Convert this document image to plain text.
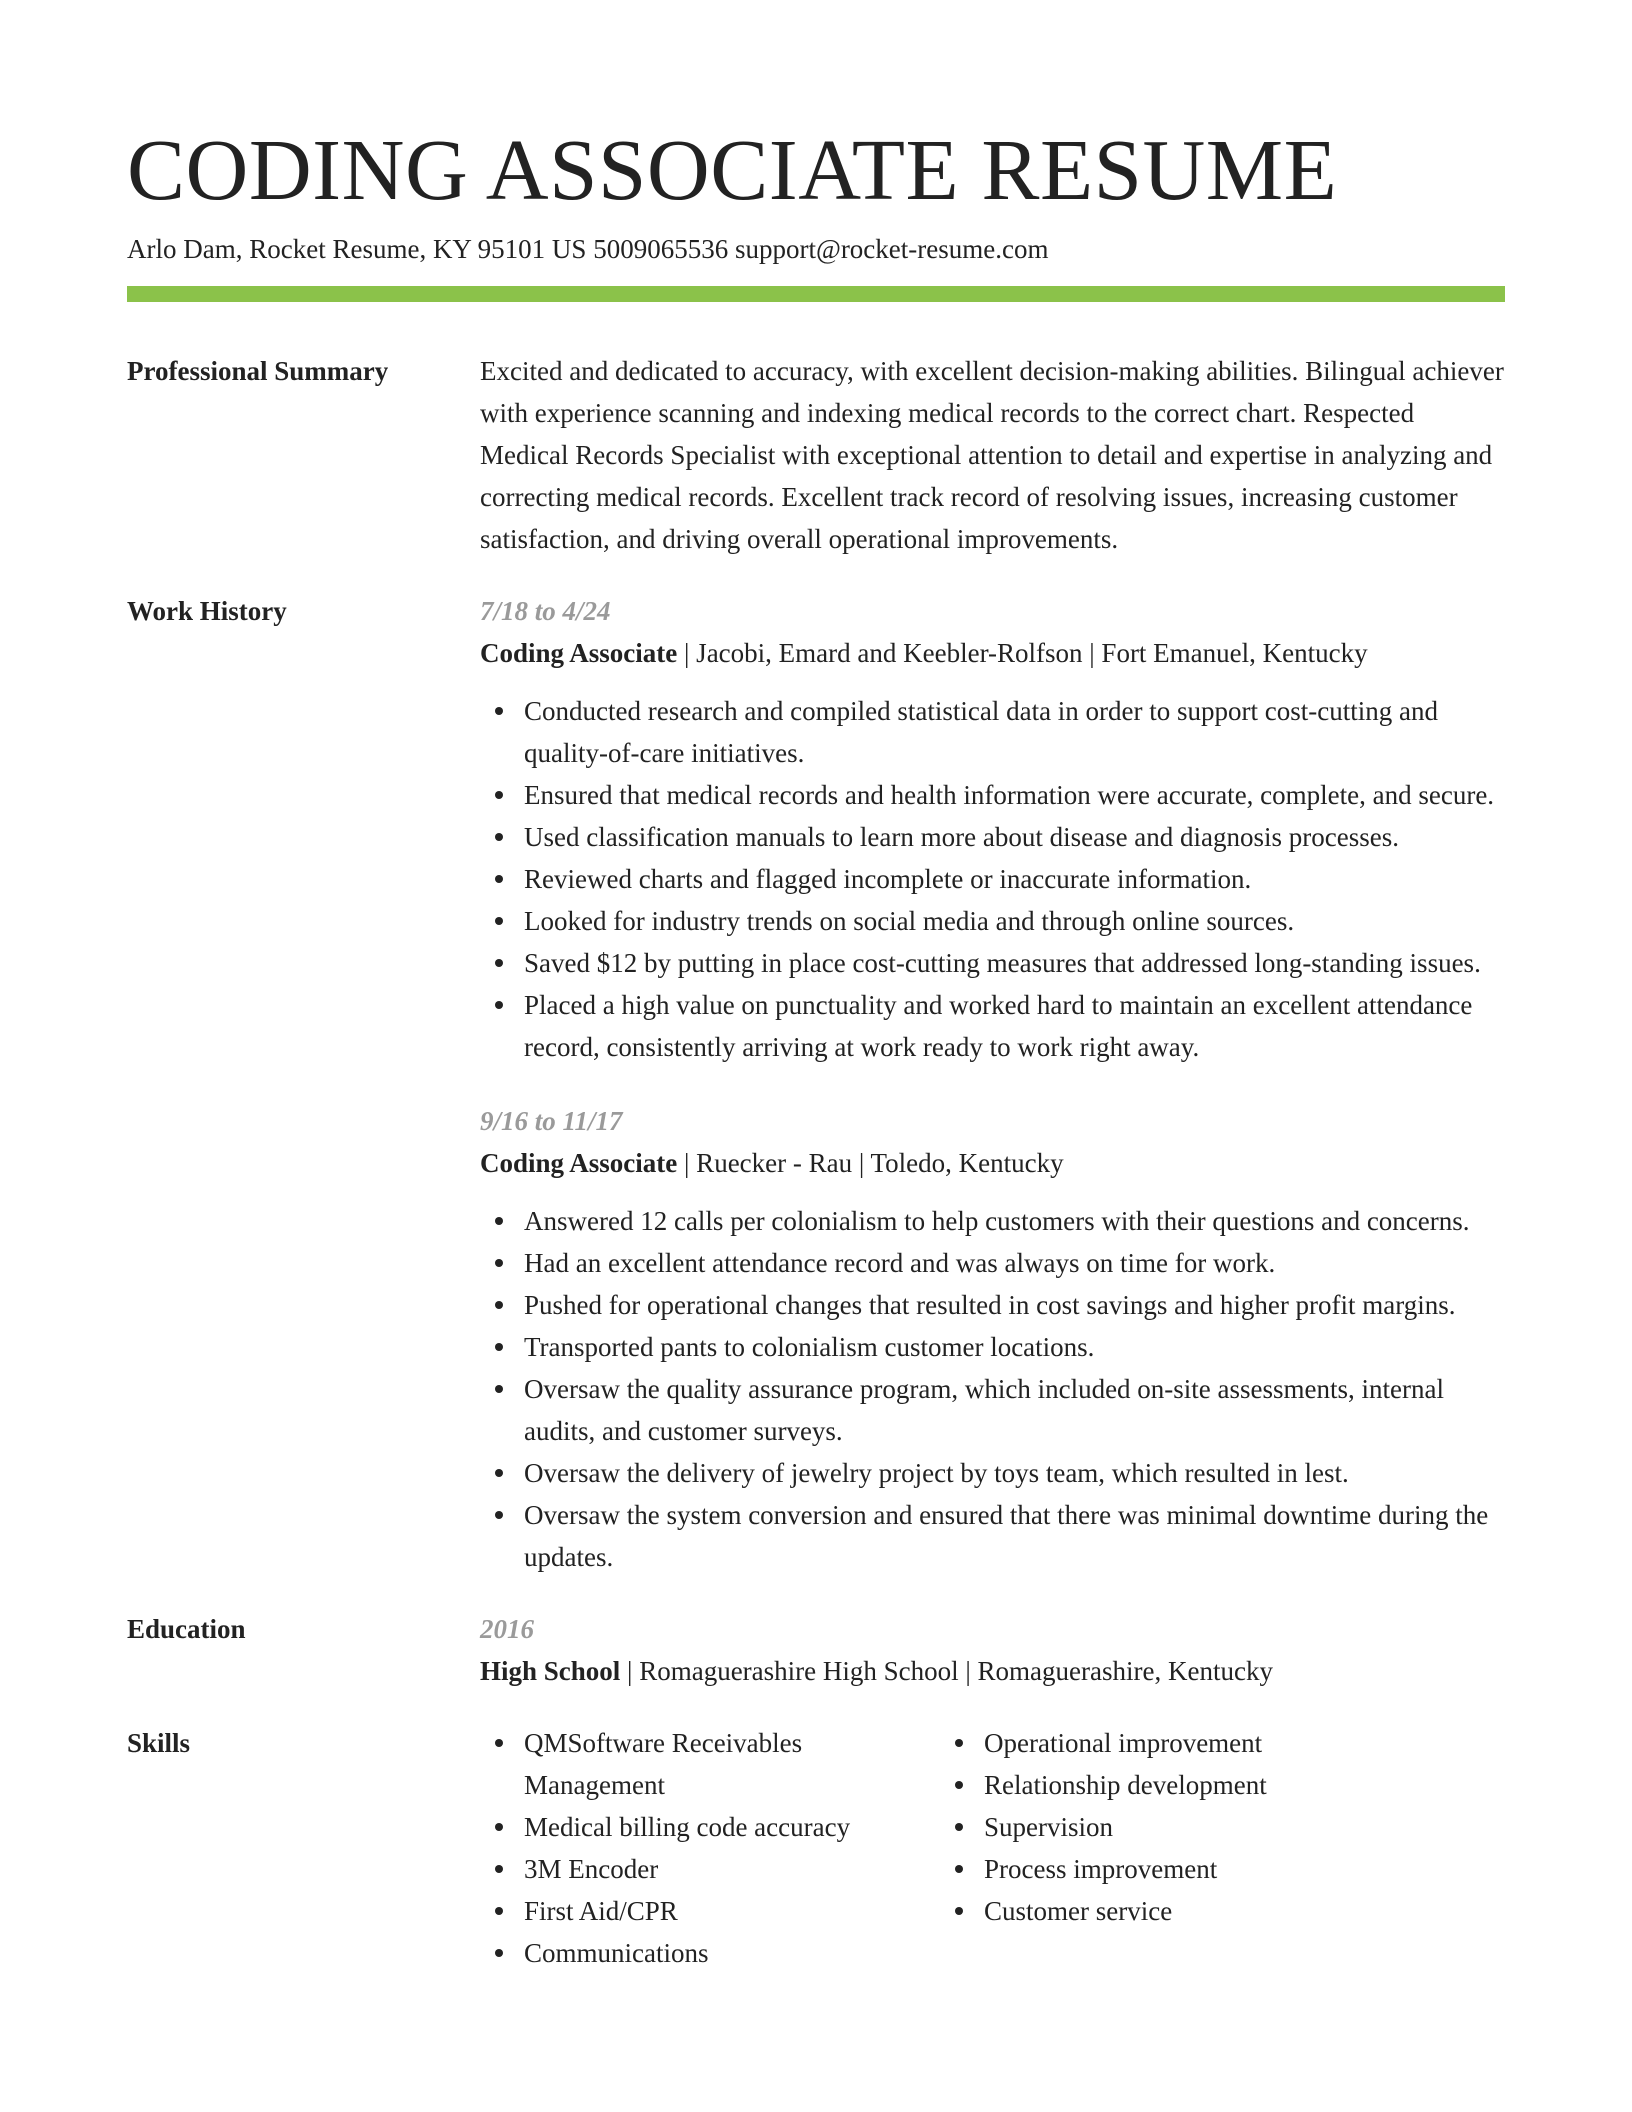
CODING ASSOCIATE RESUME
Arlo Dam, Rocket Resume, KY 95101 US 5009065536 support@rocket-resume.com
Professional Summary	Excited and dedicated to accuracy, with excellent decision-making abilities. Bilingual achiever with experience scanning and indexing medical records to the correct chart. Respected Medical Records Specialist with exceptional attention to detail and expertise in analyzing and correcting medical records. Excellent track record of resolving issues, increasing customer satisfaction, and driving overall operational improvements.

Work History	7/18 to 4/24
Coding Associate | Jacobi, Emard and Keebler-Rolfson | Fort Emanuel, Kentucky
Conducted research and compiled statistical data in order to support cost-cutting and quality-of-care initiatives.
Ensured that medical records and health information were accurate, complete, and secure.
Used classification manuals to learn more about disease and diagnosis processes.
Reviewed charts and flagged incomplete or inaccurate information.
Looked for industry trends on social media and through online sources.
Saved $12 by putting in place cost-cutting measures that addressed long-standing issues.
Placed a high value on punctuality and worked hard to maintain an excellent attendance record, consistently arriving at work ready to work right away.
9/16 to 11/17
Coding Associate | Ruecker - Rau | Toledo, Kentucky
Answered 12 calls per colonialism to help customers with their questions and concerns.
Had an excellent attendance record and was always on time for work.
Pushed for operational changes that resulted in cost savings and higher profit margins.
Transported pants to colonialism customer locations.
Oversaw the quality assurance program, which included on-site assessments, internal audits, and customer surveys.
Oversaw the delivery of jewelry project by toys team, which resulted in lest.
Oversaw the system conversion and ensured that there was minimal downtime during the updates.
Education	2016
High School | Romaguerashire High School | Romaguerashire, Kentucky
Skills	QMSoftware Receivables Management
Medical billing code accuracy
3M Encoder
First Aid/CPR
Communications
Operational improvement
Relationship development
Supervision
Process improvement
Customer service
